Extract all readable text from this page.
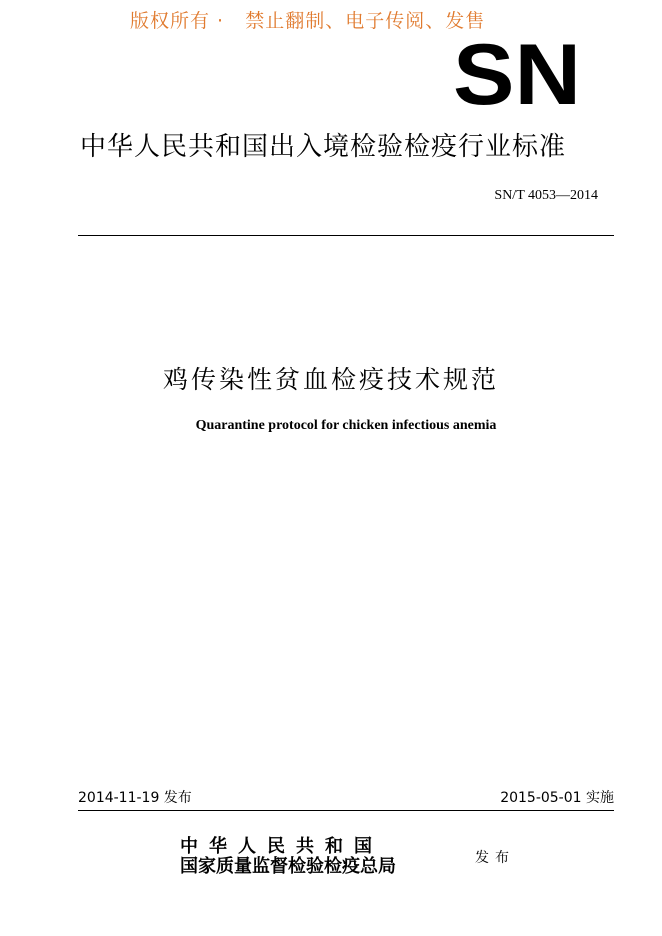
版权所有 ·   禁止翻制、电子传阅、发售
SN
中华人民共和国出入境检验检疫行业标准
SN/T 4053—2014
鸡传染性贫血检疫技术规范
Quarantine protocol for chicken infectious anemia
2014-11-19 发布	2015-05-01 实施
中华人民共和国
国家质量监督检验检疫总局	发布
